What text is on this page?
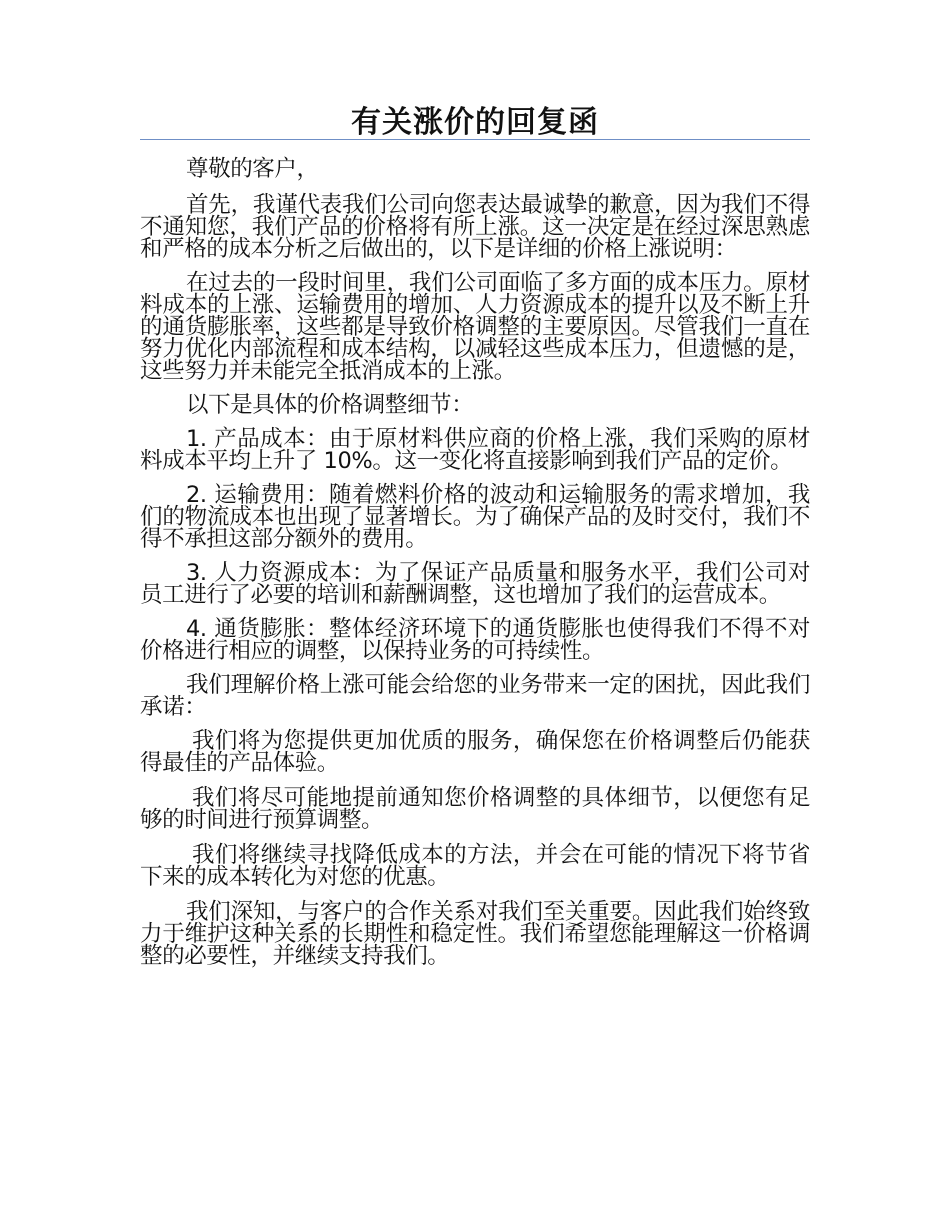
有关涨价的回复函

尊敬的客户，

首先，我谨代表我们公司向您表达最诚挚的歉意，因为我们不得不通知您，我们产品的价格将有所上涨。这一决定是在经过深思熟虑和严格的成本分析之后做出的，以下是详细的价格上涨说明：

在过去的一段时间里，我们公司面临了多方面的成本压力。原材料成本的上涨、运输费用的增加、人力资源成本的提升以及不断上升的通货膨胀率，这些都是导致价格调整的主要原因。尽管我们一直在努力优化内部流程和成本结构，以减轻这些成本压力，但遗憾的是，这些努力并未能完全抵消成本的上涨。

以下是具体的价格调整细节：

1. 产品成本：由于原材料供应商的价格上涨，我们采购的原材料成本平均上升了 10%。这一变化将直接影响到我们产品的定价。

2. 运输费用：随着燃料价格的波动和运输服务的需求增加，我们的物流成本也出现了显著增长。为了确保产品的及时交付，我们不得不承担这部分额外的费用。

3. 人力资源成本：为了保证产品质量和服务水平，我们公司对员工进行了必要的培训和薪酬调整，这也增加了我们的运营成本。

4. 通货膨胀：整体经济环境下的通货膨胀也使得我们不得不对价格进行相应的调整，以保持业务的可持续性。

我们理解价格上涨可能会给您的业务带来一定的困扰，因此我们承诺：

我们将为您提供更加优质的服务，确保您在价格调整后仍能获得最佳的产品体验。

我们将尽可能地提前通知您价格调整的具体细节，以便您有足够的时间进行预算调整。

我们将继续寻找降低成本的方法，并会在可能的情况下将节省下来的成本转化为对您的优惠。

我们深知，与客户的合作关系对我们至关重要。因此我们始终致力于维护这种关系的长期性和稳定性。我们希望您能理解这一价格调整的必要性，并继续支持我们。
